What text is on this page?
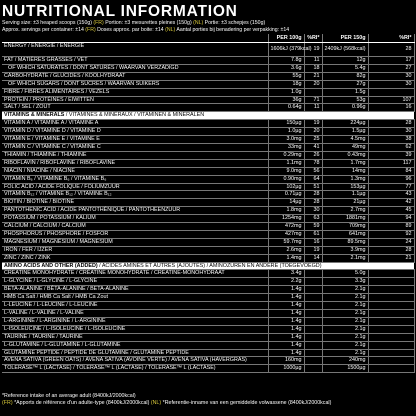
NUTRITIONAL INFORMATION
Serving size: ±3 heaped scoops (150g) (FR) Portion: ±3 mesurettes pleines (150g) (NL) Portie: ±3 schepjes (150g)
Approx. servings per container: ±14 (FR) Doses approx. par boite: ±14 (NL) Aantal porties bij benadering per verpakking: ±14
	PER 100g	%RI*	PER 150g	%RI*
ENERGY / ÉNERGIE / ENERGIE	1606kJ (379kcal)	19	2409kJ (568kcal)	28
FAT / MATIÈRES GRASSES / VET	7.8g	11	12g	17
OF WHICH SATURATES / DONT SATURÉS / WAARVAN VERZADIGD	3.6g	18	5.4g	27
CARBOHYDRATE / GLUCIDES / KOOLHYDRAAT	55g	21	82g	30
OF WHICH SUGARS / DONT SUCRES / WAARVAN SUIKERS	18g	20	27g	30
FIBRE / FIBRES ALIMENTAIRES / VEZELS	1.0g		1.5g	
PROTEIN / PROTÉINES / EIWITTEN	36g	71	53g	107
SALT / SEL / ZOUT	0.64g	11	0.96g	16
VITAMINS & MINERALS / VITAMINES & MINÉRAUX / VITAMINEN & MINERALEN				
VITAMIN A / VITAMINE A / VITAMINE A	150µg	19	224µg	28
VITAMIN D / VITAMINE D / VITAMINE D	1.0µg	20	1.5µg	30
VITAMIN E / VITAMINE E / VITAMINE E	3.0mg	25	4.5mg	38
VITAMIN C / VITAMINE C / VITAMINE C	33mg	41	49mg	62
THIAMIN / THIAMINE / THIAMINE	0.29mg	26	0.43mg	39
RIBOFLAVIN / RIBOFLAVINE / RIBOFLAVINE	1.1mg	78	1.7mg	117
NIACIN / NIACINE / NIACINE	9.0mg	56	14mg	84
VITAMIN B₆ / VITAMINE B₆ / VITAMINE B₆	0.90mg	64	1.3mg	96
FOLIC ACID / ACIDE FOLIQUE / FOLIUMZUUR	102µg	51	153µg	77
VITAMIN B₁₂ / VITAMINE B₁₂ / VITAMINE B₁₂	0.71µg	28	1.1µg	43
BIOTIN / BIOTINE / BIOTINE	14µg	28	21µg	42
PANTOTHENIC ACID / ACIDE PANTOTHÉNIQUE / PANTOTHEENZUUR	1.8mg	30	2.7mg	45
POTASSIUM / POTASSIUM / KALIUM	1254mg	63	1881mg	94
CALCIUM / CALCIUM / CALCIUM	472mg	59	709mg	89
PHOSPHORUS / PHOSPHORE / FOSFOR	427mg	61	641mg	92
MAGNESIUM / MAGNÉSIUM / MAGNESIUM	59.7mg	16	89.5mg	24
IRON / FER / IJZER	2.6mg	19	3.9mg	28
ZINC / ZINC / ZINK	1.4mg	14	2.1mg	21
AMINO ACIDS AND OTHER (ADDED) / ACIDES AMINÉS ET AUTRES (AJOUTÉS) / AMINOZUREN EN ANDERE (TOEGEVOEGD)				
CREATINE MONOHYDRATE / CRÉATINE MONOHYDRATÉ / CREATINE-MONOHYDRAAT	3.4g		5.0g	
L-GLYCINE / L-GLYCINE / L-GLYCINE	2.2g		3.3g	
BETA-ALANINE / BÊTA-ALANINE / BETA-ALANINE	1.4g		2.1g	
HMB Ca Salt / HMB Ca Salt / HMB Ca Zout	1.4g		2.1g	
L-LEUCINE / L-LEUCINE / L-LEUCINE	1.4g		2.1g	
L-VALINE / L-VALINE / L-VALINE	1.4g		2.1g	
L-ARGININE / L-ARGININE / L-ARGININE	1.4g		2.1g	
L-ISOLEUCINE / L-ISOLEUCINE / L-ISOLEUCINE	1.4g		2.1g	
TAURINE / TAURINE / TAURINE	1.4g		2.1g	
L-GLUTAMINE / L-GLUTAMINE / L-GLUTAMINE	1.4g		2.1g	
GLUTAMINE PEPTIDE / PEPTIDE DE GLUTAMINE / GLUTAMINE PEPTIDE	1.4g		2.1g	
AVENA SATIVA (GREEN OATS) / AVENA SATIVA (AVOINE VERTE) / AVENA SATIVA (HAVERGRAS)	160mg		240mg	
TOLERASE™ L (LACTASE) / TOLERASE™ L (LACTASE) / TOLERASE™ L (LACTASE)	1000µg		1500µg	
*Reference intake of an average adult (8400kJ/2000kcal)
(FR) *Apports de référence d'un adulte-type (8400kJ/2000kcal) (NL) *Referentie-inname van een gemiddelde volwassene (8400kJ/2000kcal)
